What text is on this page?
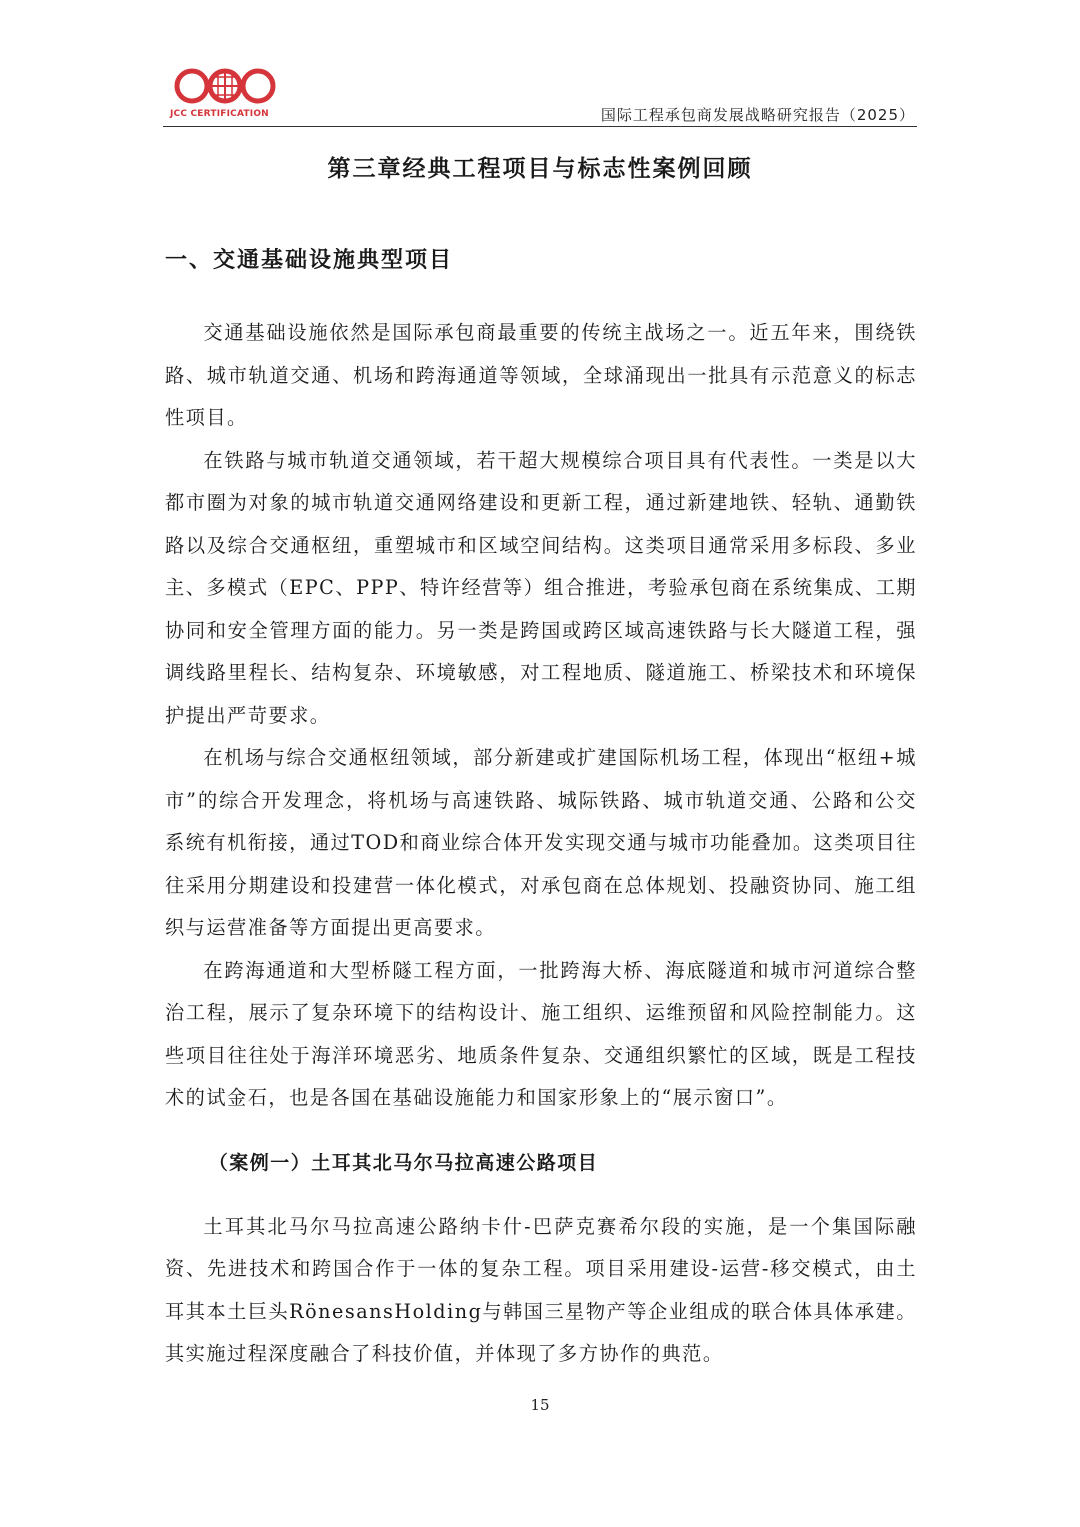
JCC CERTIFICATION	国际工程承包商发展战略研究报告（2025）
第三章经典工程项目与标志性案例回顾
一、交通基础设施典型项目

交通基础设施依然是国际承包商最重要的传统主战场之一。近五年来，围绕铁路、城市轨道交通、机场和跨海通道等领域，全球涌现出一批具有示范意义的标志性项目。

在铁路与城市轨道交通领域，若干超大规模综合项目具有代表性。一类是以大都市圈为对象的城市轨道交通网络建设和更新工程，通过新建地铁、轻轨、通勤铁路以及综合交通枢纽，重塑城市和区域空间结构。这类项目通常采用多标段、多业主、多模式（EPC、PPP、特许经营等）组合推进，考验承包商在系统集成、工期协同和安全管理方面的能力。另一类是跨国或跨区域高速铁路与长大隧道工程，强调线路里程长、结构复杂、环境敏感，对工程地质、隧道施工、桥梁技术和环境保护提出严苛要求。

在机场与综合交通枢纽领域，部分新建或扩建国际机场工程，体现出“枢纽+城市”的综合开发理念，将机场与高速铁路、城际铁路、城市轨道交通、公路和公交系统有机衔接，通过TOD和商业综合体开发实现交通与城市功能叠加。这类项目往往采用分期建设和投建营一体化模式，对承包商在总体规划、投融资协同、施工组织与运营准备等方面提出更高要求。

在跨海通道和大型桥隧工程方面，一批跨海大桥、海底隧道和城市河道综合整治工程，展示了复杂环境下的结构设计、施工组织、运维预留和风险控制能力。这些项目往往处于海洋环境恶劣、地质条件复杂、交通组织繁忙的区域，既是工程技术的试金石，也是各国在基础设施能力和国家形象上的“展示窗口”。

（案例一）土耳其北马尔马拉高速公路项目

土耳其北马尔马拉高速公路纳卡什-巴萨克赛希尔段的实施，是一个集国际融资、先进技术和跨国合作于一体的复杂工程。项目采用建设-运营-移交模式，由土耳其本土巨头RönesansHolding与韩国三星物产等企业组成的联合体具体承建。其实施过程深度融合了科技价值，并体现了多方协作的典范。

15
